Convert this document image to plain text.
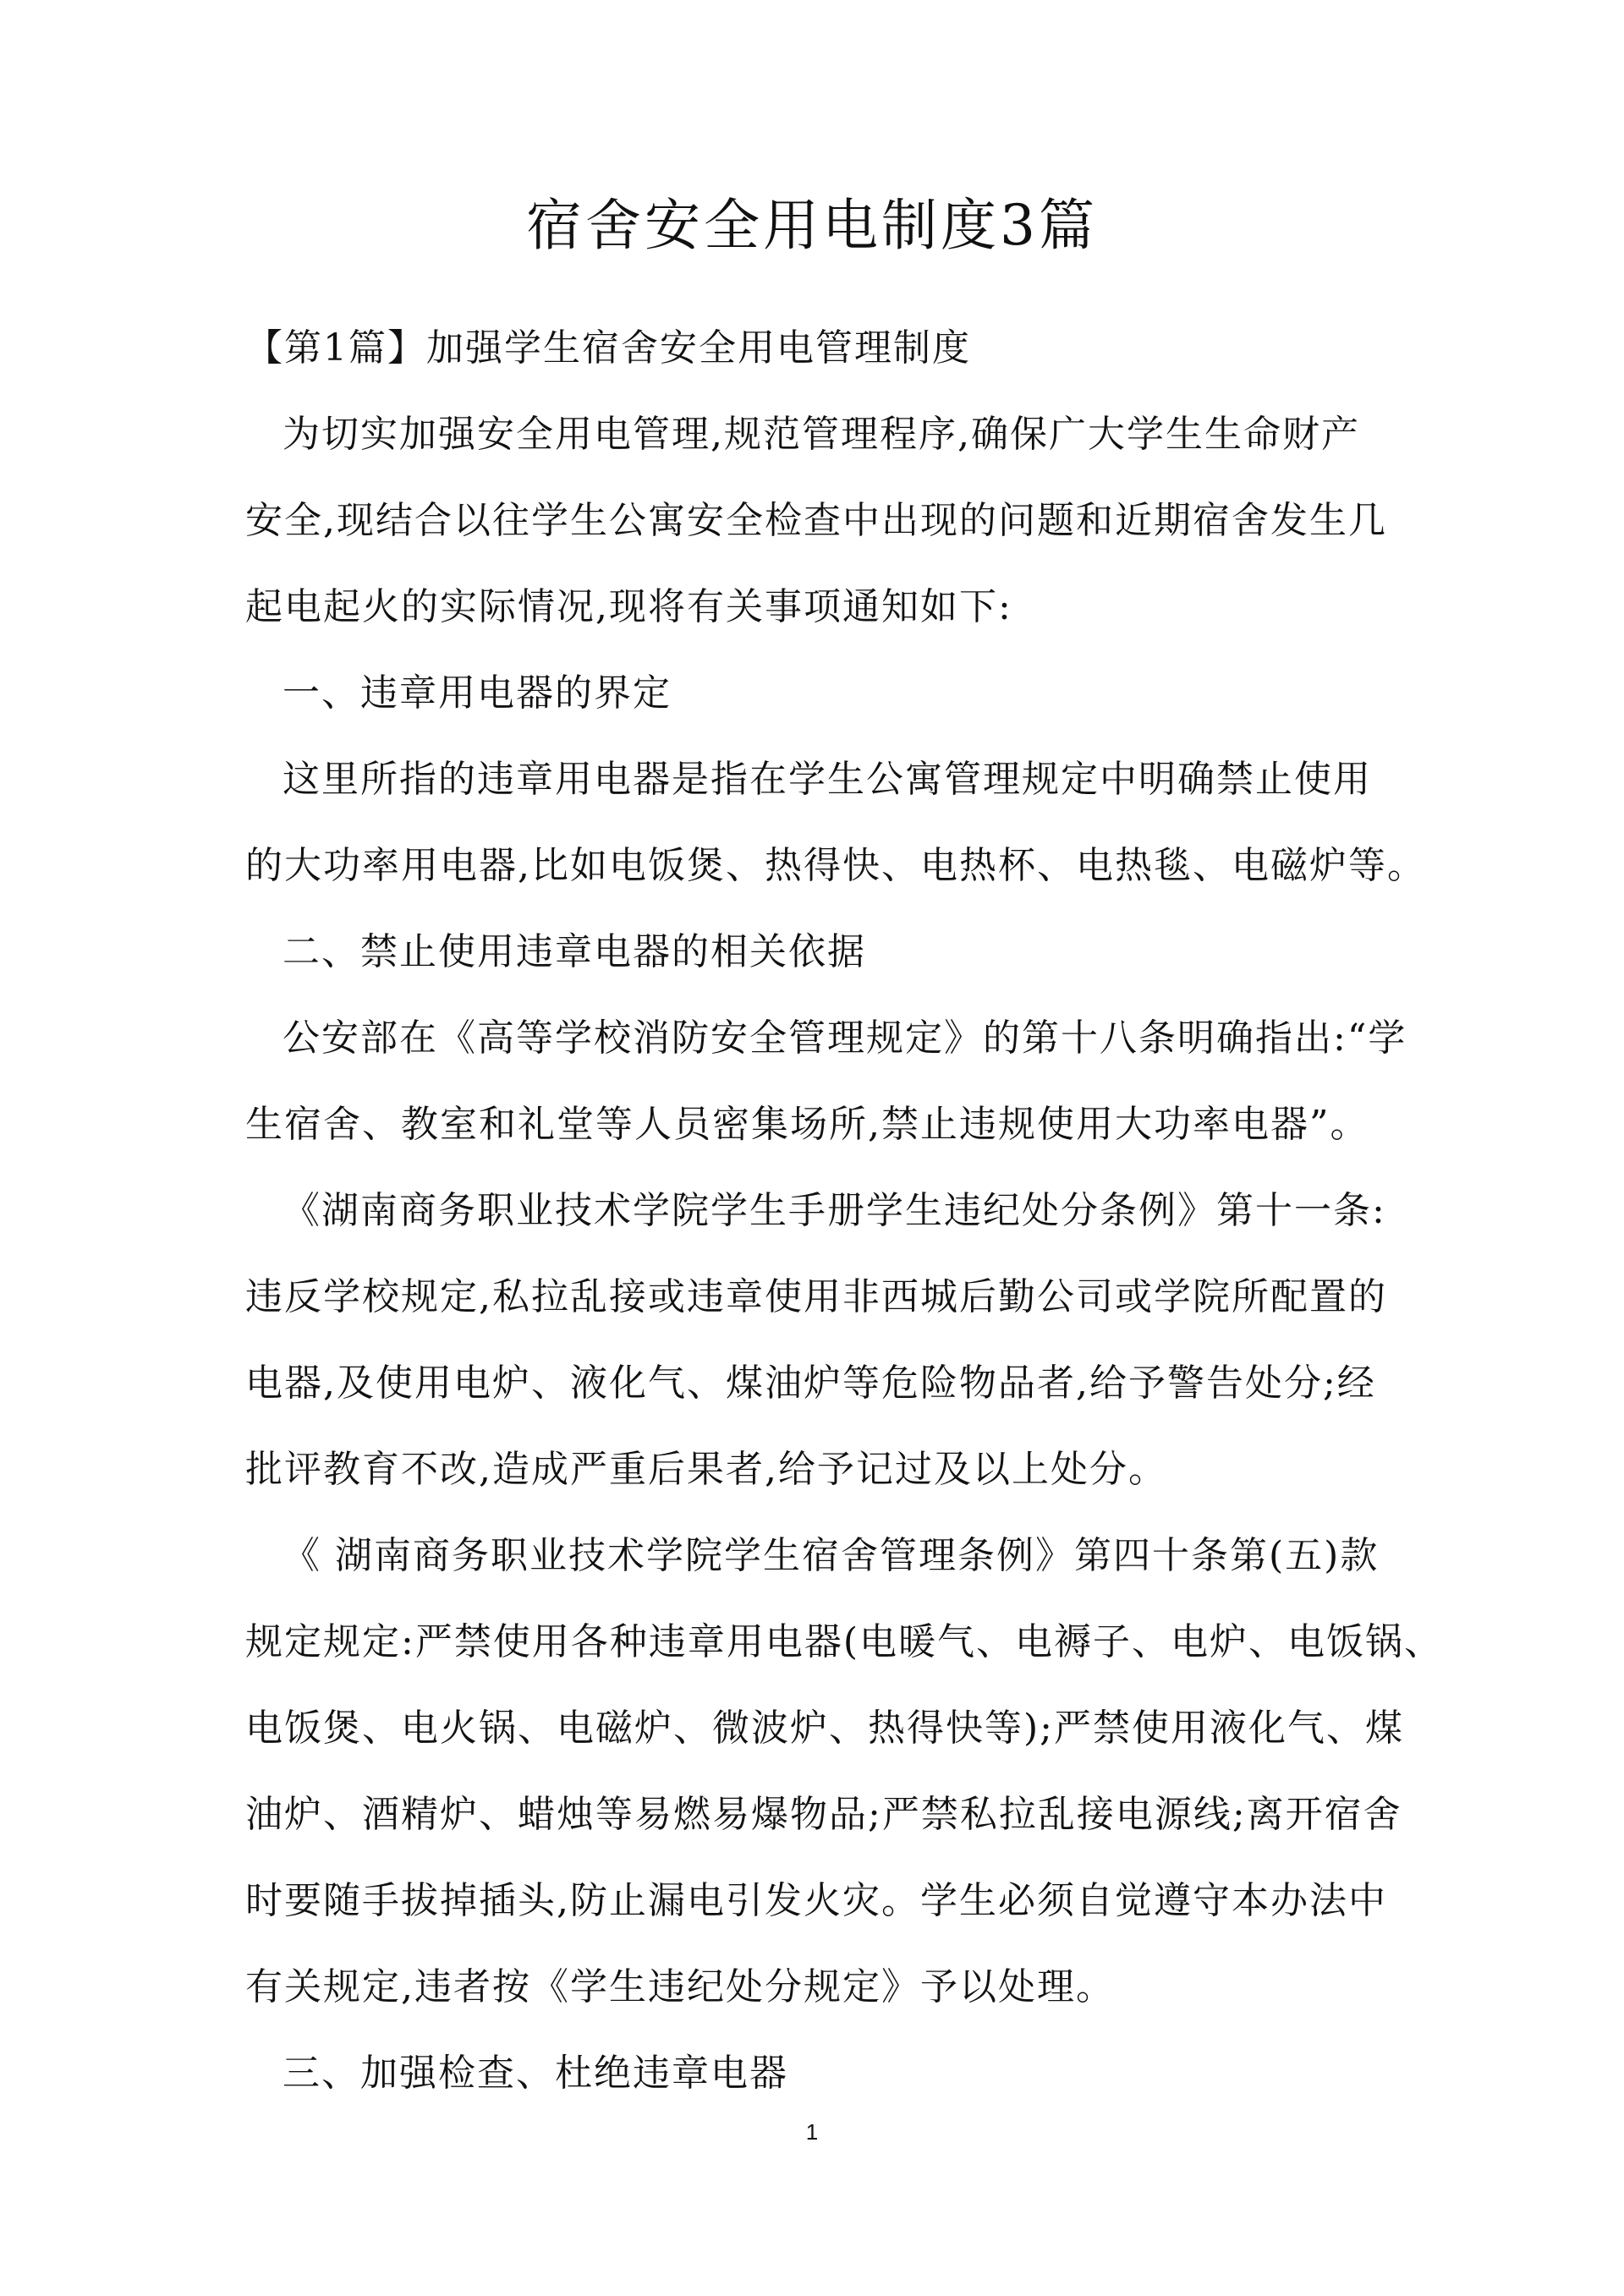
宿舍安全用电制度3篇

【第1篇】加强学生宿舍安全用电管理制度

为切实加强安全用电管理,规范管理程序,确保广大学生生命财产

安全,现结合以往学生公寓安全检查中出现的问题和近期宿舍发生几

起电起火的实际情况,现将有关事项通知如下:

一、违章用电器的界定

这里所指的违章用电器是指在学生公寓管理规定中明确禁止使用

的大功率用电器,比如电饭煲、热得快、电热杯、电热毯、电磁炉等。

二、禁止使用违章电器的相关依据

公安部在《高等学校消防安全管理规定》的第十八条明确指出:“学

生宿舍、教室和礼堂等人员密集场所,禁止违规使用大功率电器”。

《湖南商务职业技术学院学生手册学生违纪处分条例》第十一条:

违反学校规定,私拉乱接或违章使用非西城后勤公司或学院所配置的

电器,及使用电炉、液化气、煤油炉等危险物品者,给予警告处分;经

批评教育不改,造成严重后果者,给予记过及以上处分。

《 湖南商务职业技术学院学生宿舍管理条例》第四十条第(五)款

规定规定:严禁使用各种违章用电器(电暖气、电褥子、电炉、电饭锅、

电饭煲、电火锅、电磁炉、微波炉、热得快等);严禁使用液化气、煤

油炉、酒精炉、蜡烛等易燃易爆物品;严禁私拉乱接电源线;离开宿舍

时要随手拔掉插头,防止漏电引发火灾。学生必须自觉遵守本办法中

有关规定,违者按《学生违纪处分规定》予以处理。

三、加强检查、杜绝违章电器

1
